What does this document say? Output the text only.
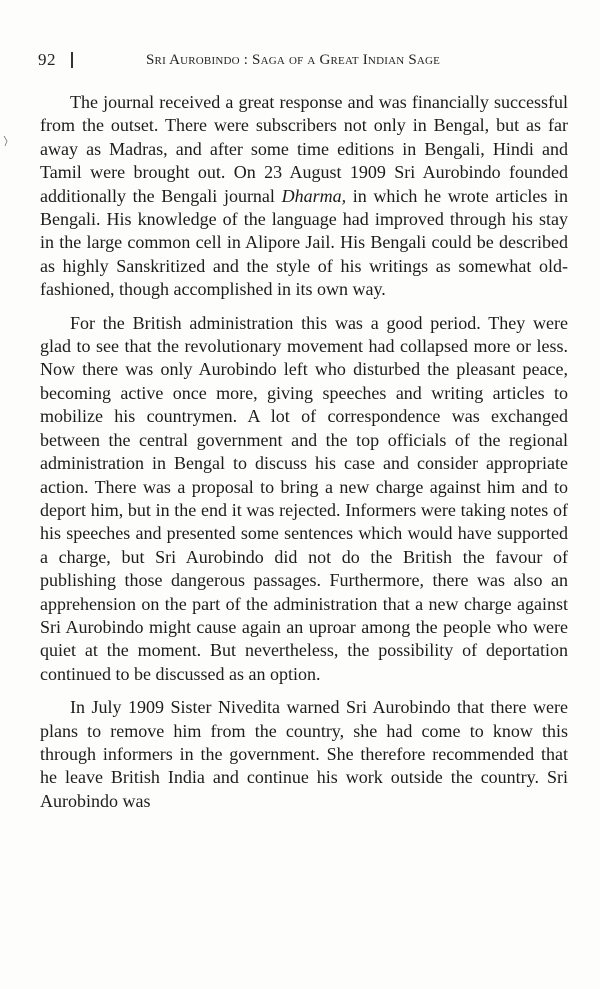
92	Sri Aurobindo : Saga of a Great Indian Sage

The journal received a great response and was financially successful from the outset. There were subscribers not only in Bengal, but as far away as Madras, and after some time editions in Bengali, Hindi and Tamil were brought out. On 23 August 1909 Sri Aurobindo founded additionally the Bengali journal Dharma, in which he wrote articles in Bengali. His knowledge of the language had improved through his stay in the large common cell in Alipore Jail. His Bengali could be described as highly Sanskritized and the style of his writings as somewhat old-fashioned, though accomplished in its own way.

For the British administration this was a good period. They were glad to see that the revolutionary movement had collapsed more or less. Now there was only Aurobindo left who disturbed the pleasant peace, becoming active once more, giving speeches and writing articles to mobilize his countrymen. A lot of correspondence was exchanged between the central government and the top officials of the regional administration in Bengal to discuss his case and consider appropriate action. There was a proposal to bring a new charge against him and to deport him, but in the end it was rejected. Informers were taking notes of his speeches and presented some sentences which would have supported a charge, but Sri Aurobindo did not do the British the favour of publishing those dangerous passages. Furthermore, there was also an apprehension on the part of the administration that a new charge against Sri Aurobindo might cause again an uproar among the people who were quiet at the moment. But nevertheless, the possibility of deportation continued to be discussed as an option.

In July 1909 Sister Nivedita warned Sri Aurobindo that there were plans to remove him from the country, she had come to know this through informers in the government. She therefore recommended that he leave British India and continue his work outside the country. Sri Aurobindo was
